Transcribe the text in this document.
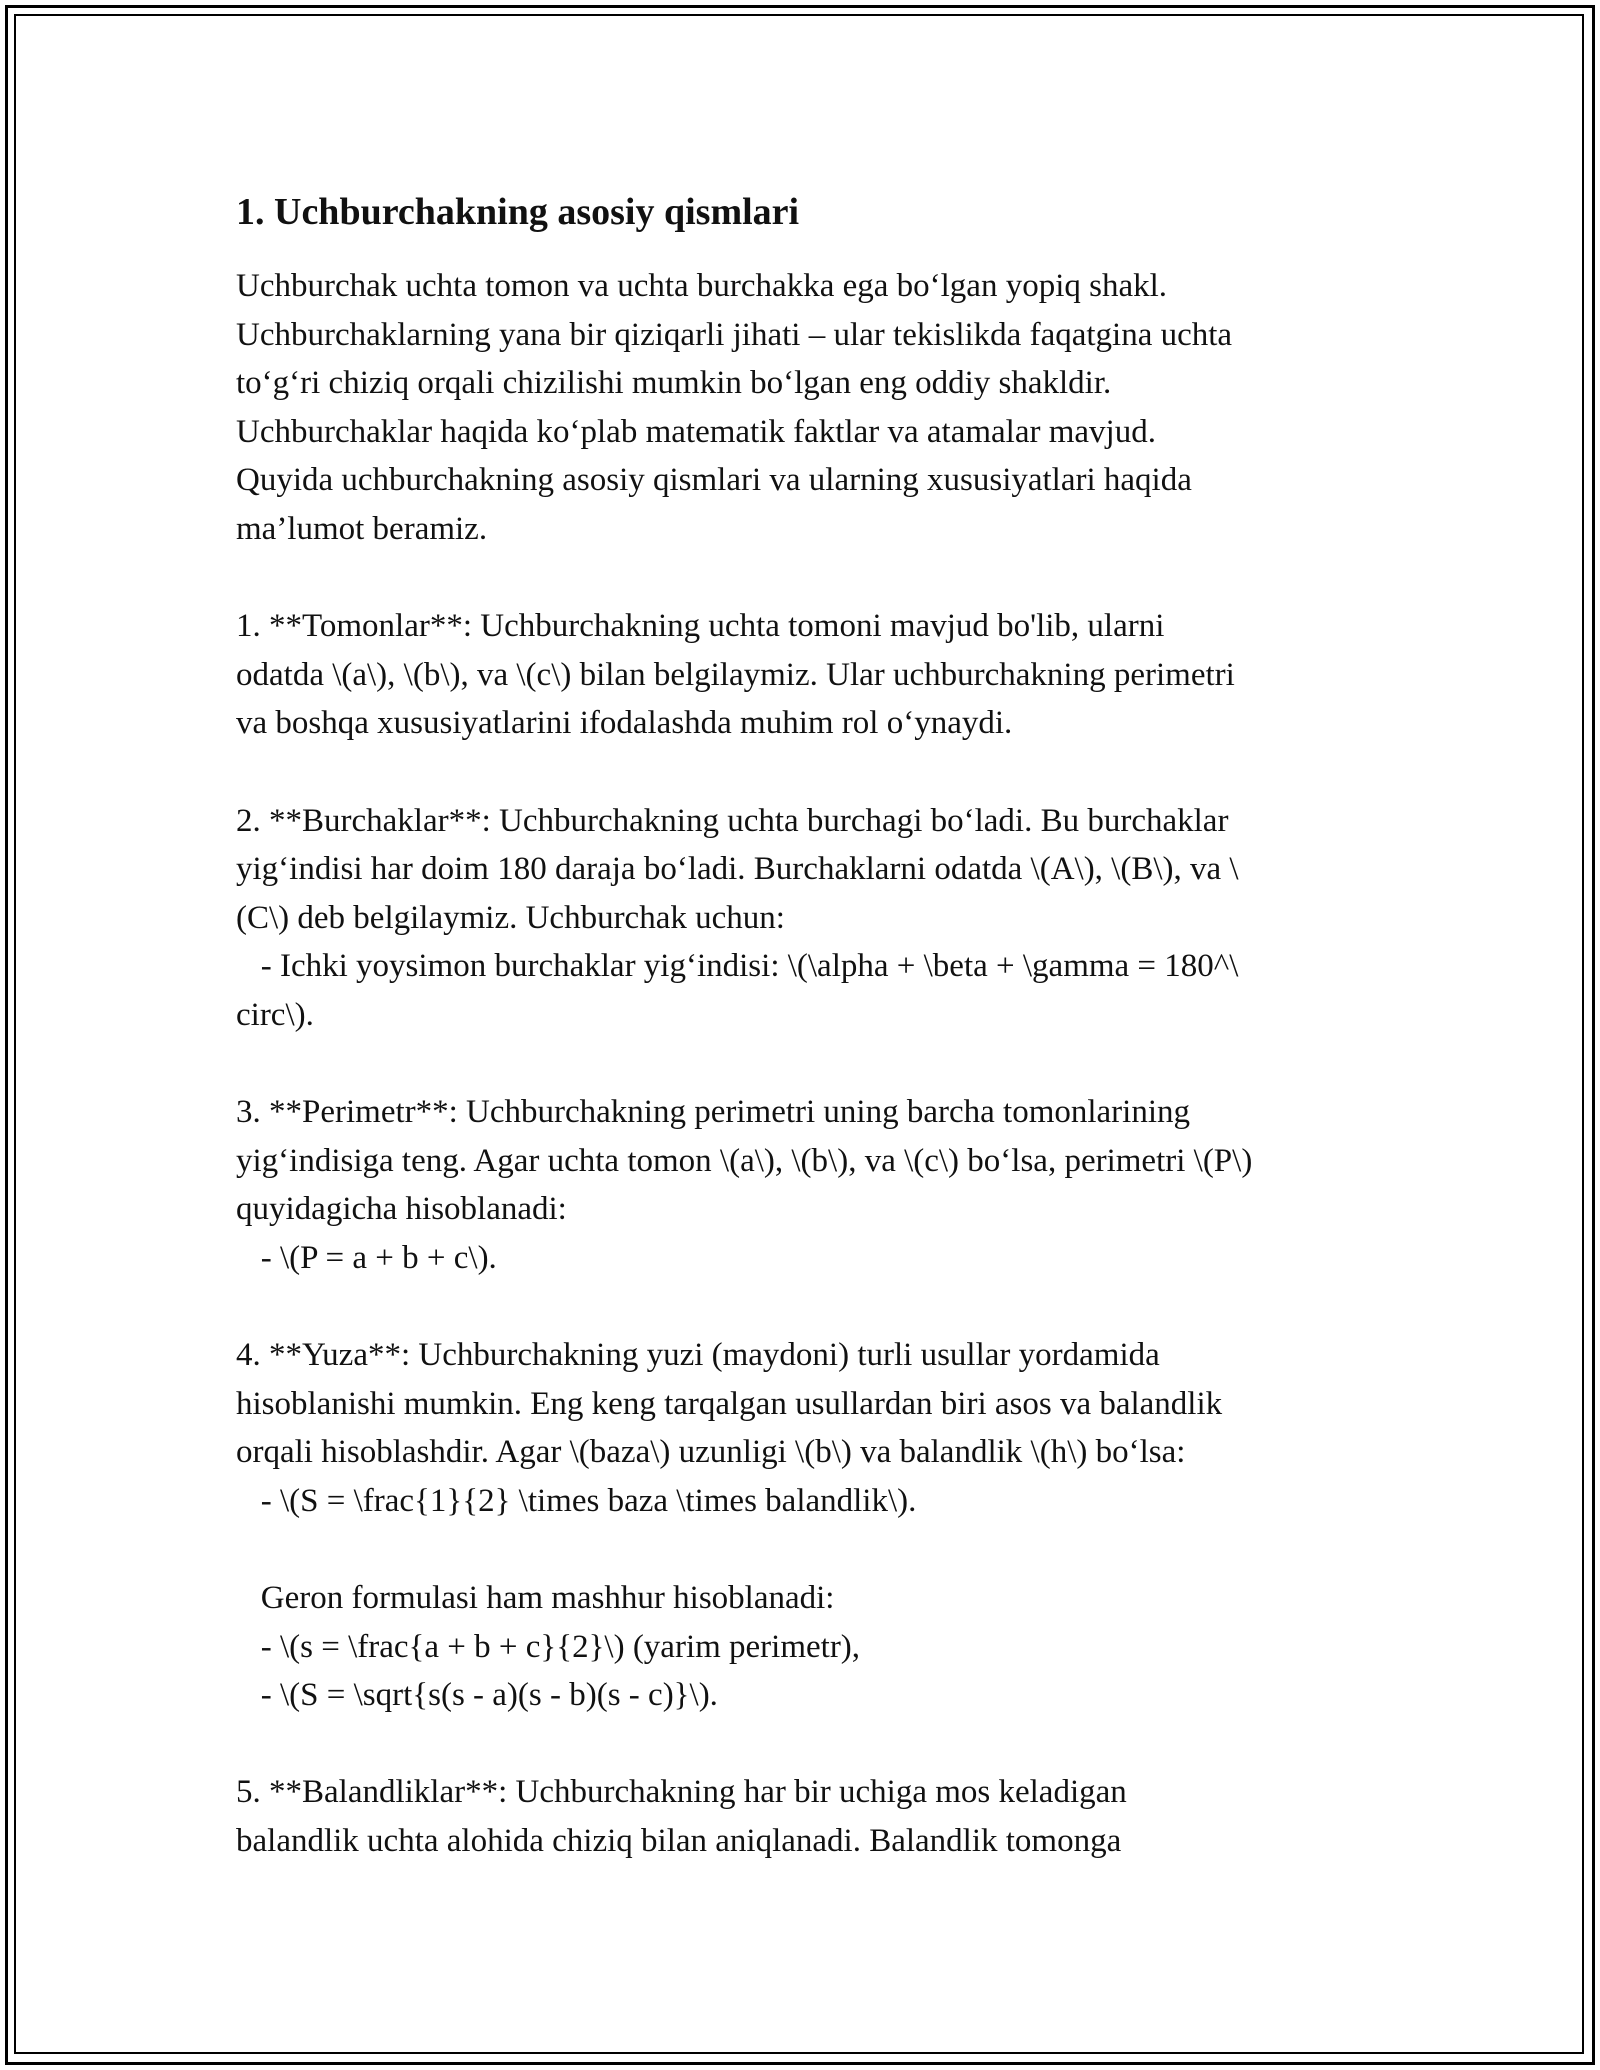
1. Uchburchakning asosiy qismlari
Uchburchak uchta tomon va uchta burchakka ega bo‘lgan yopiq shakl.
Uchburchaklarning yana bir qiziqarli jihati – ular tekislikda faqatgina uchta
to‘g‘ri chiziq orqali chizilishi mumkin bo‘lgan eng oddiy shakldir.
Uchburchaklar haqida ko‘plab matematik faktlar va atamalar mavjud.
Quyida uchburchakning asosiy qismlari va ularning xususiyatlari haqida
ma’lumot beramiz.
1. **Tomonlar**: Uchburchakning uchta tomoni mavjud bo'lib, ularni
odatda \(a\), \(b\), va \(c\) bilan belgilaymiz. Ular uchburchakning perimetri
va boshqa xususiyatlarini ifodalashda muhim rol o‘ynaydi.
2. **Burchaklar**: Uchburchakning uchta burchagi bo‘ladi. Bu burchaklar
yig‘indisi har doim 180 daraja bo‘ladi. Burchaklarni odatda \(A\), \(B\), va \
(C\) deb belgilaymiz. Uchburchak uchun:
- Ichki yoysimon burchaklar yig‘indisi: \(\alpha + \beta + \gamma = 180^\
circ\).
3. **Perimetr**: Uchburchakning perimetri uning barcha tomonlarining
yig‘indisiga teng. Agar uchta tomon \(a\), \(b\), va \(c\) bo‘lsa, perimetri \(P\)
quyidagicha hisoblanadi:
- \(P = a + b + c\).
4. **Yuza**: Uchburchakning yuzi (maydoni) turli usullar yordamida
hisoblanishi mumkin. Eng keng tarqalgan usullardan biri asos va balandlik
orqali hisoblashdir. Agar \(baza\) uzunligi \(b\) va balandlik \(h\) bo‘lsa:
- \(S = \frac{1}{2} \times baza \times balandlik\).
Geron formulasi ham mashhur hisoblanadi:
- \(s = \frac{a + b + c}{2}\) (yarim perimetr),
- \(S = \sqrt{s(s - a)(s - b)(s - c)}\).
5. **Balandliklar**: Uchburchakning har bir uchiga mos keladigan
balandlik uchta alohida chiziq bilan aniqlanadi. Balandlik tomonga
